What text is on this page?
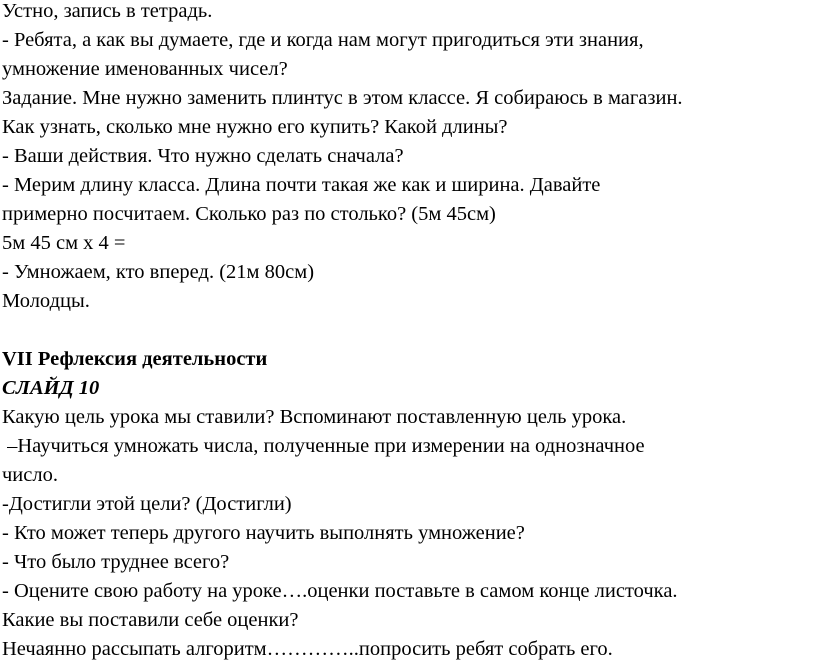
Устно, запись в тетрадь.
- Ребята, а как вы думаете, где и когда нам могут пригодиться эти знания,
умножение именованных чисел?
Задание. Мне нужно заменить плинтус в этом классе. Я собираюсь в магазин.
Как узнать, сколько мне нужно его купить? Какой длины?
- Ваши действия. Что нужно сделать сначала?
- Мерим длину класса. Длина почти такая же как и ширина. Давайте
примерно посчитаем. Сколько раз по столько? (5м 45см)
5м 45 см х 4 =
- Умножаем, кто вперед. (21м 80см)
Молодцы.
VII Рефлексия деятельности
СЛАЙД 10
Какую цель урока мы ставили? Вспоминают поставленную цель урока.
–Научиться умножать числа, полученные при измерении на однозначное
число.
-Достигли этой цели? (Достигли)
- Кто может теперь другого научить выполнять умножение?
- Что было труднее всего?
- Оцените свою работу на уроке….оценки поставьте в самом конце листочка.
Какие вы поставили себе оценки?
Нечаянно рассыпать алгоритм…………..попросить ребят собрать его.
